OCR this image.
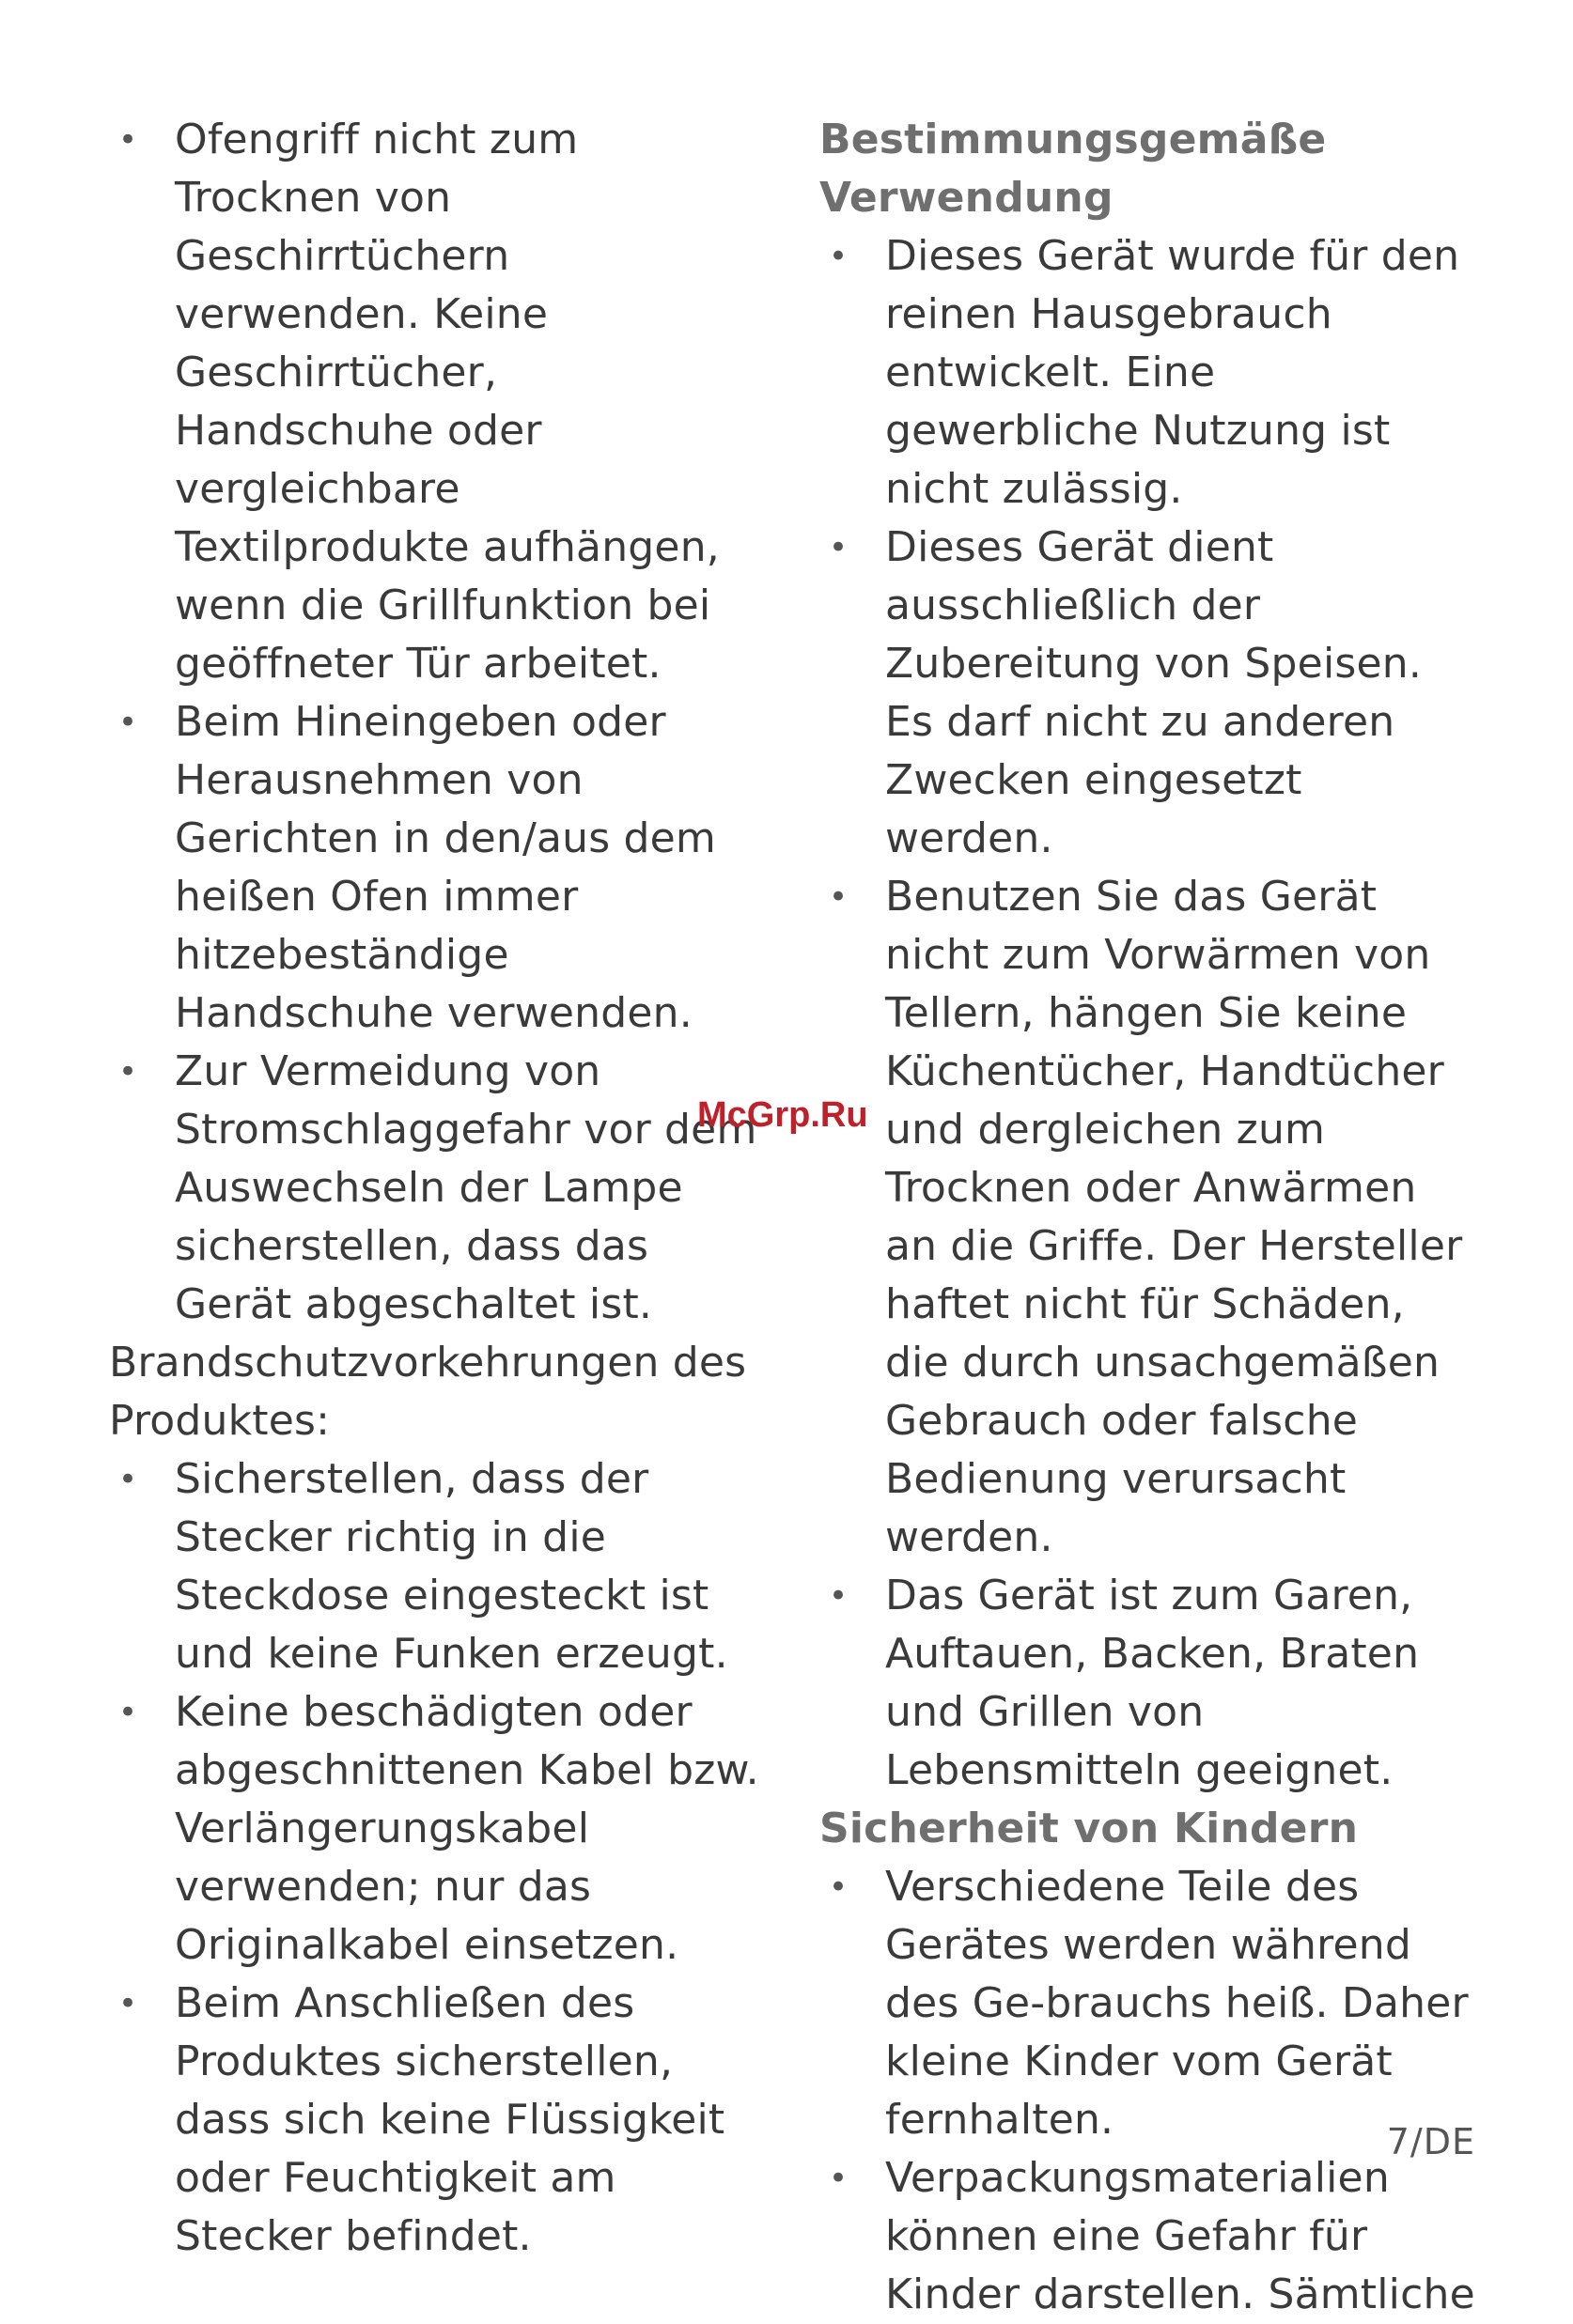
• Ofengriff nicht zum Trocknen von Geschirrtüchern verwenden. Keine Geschirrtücher, Handschuhe oder vergleichbare Textilprodukte aufhängen, wenn die Grillfunktion bei geöffneter Tür arbeitet.
• Beim Hineingeben oder Herausnehmen von Gerichten in den/aus dem heißen Ofen immer hitzebeständige Handschuhe verwenden.
• Zur Vermeidung von Stromschlaggefahr vor dem Auswechseln der Lampe sicherstellen, dass das Gerät abgeschaltet ist.

Brandschutzvorkehrungen des Produktes:

• Sicherstellen, dass der Stecker richtig in die Steckdose eingesteckt ist und keine Funken erzeugt.
• Keine beschädigten oder abgeschnittenen Kabel bzw. Verlängerungskabel verwenden; nur das Originalkabel einsetzen.
• Beim Anschließen des Produktes sicherstellen, dass sich keine Flüssigkeit oder Feuchtigkeit am Stecker befindet.
Bestimmungsgemäße Verwendung
• Dieses Gerät wurde für den reinen Hausgebrauch entwickelt. Eine gewerbliche Nutzung ist nicht zulässig.
• Dieses Gerät dient ausschließlich der Zubereitung von Speisen. Es darf nicht zu anderen Zwecken eingesetzt werden.
• Benutzen Sie das Gerät nicht zum Vorwärmen von Tellern, hängen Sie keine Küchentücher, Handtücher und dergleichen zum Trocknen oder Anwärmen an die Griffe. Der Hersteller haftet nicht für Schäden, die durch unsachgemäßen Gebrauch oder falsche Bedienung verursacht werden.
• Das Gerät ist zum Garen, Auftauen, Backen, Braten und Grillen von Lebensmitteln geeignet.
Sicherheit von Kindern
• Verschiedene Teile des Gerätes werden während des Ge-brauchs heiß. Daher kleine Kinder vom Gerät fernhalten.
• Verpackungsmaterialien können eine Gefahr für Kinder darstellen. Sämtliche
McGrp.Ru
7/DE
